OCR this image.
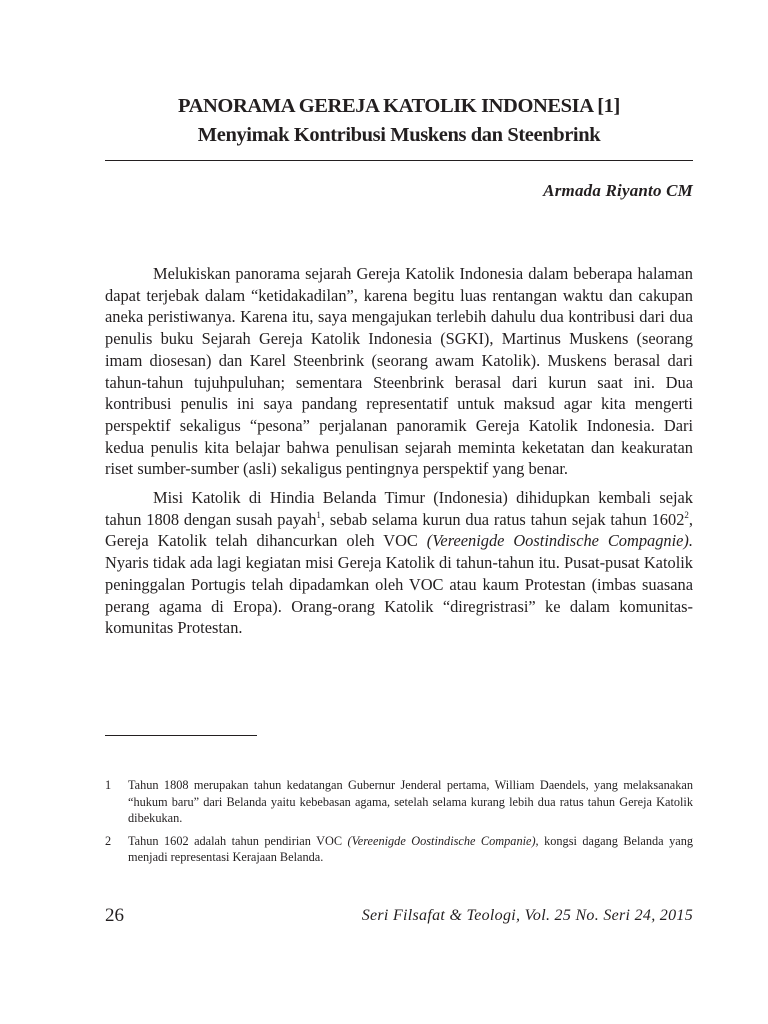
PANORAMA GEREJA KATOLIK INDONESIA [1]
Menyimak Kontribusi Muskens dan Steenbrink
Armada Riyanto CM

Melukiskan panorama sejarah Gereja Katolik Indonesia dalam beberapa halaman dapat terjebak dalam “ketidakadilan”, karena begitu luas rentangan waktu dan cakupan aneka peristiwanya. Karena itu, saya mengajukan terlebih dahulu dua kontribusi dari dua penulis buku Sejarah Gereja Katolik Indonesia (SGKI), Martinus Muskens (seorang imam diosesan) dan Karel Steenbrink (seorang awam Katolik). Muskens berasal dari tahun-tahun tujuhpuluhan; sementara Steenbrink berasal dari kurun saat ini. Dua kontribusi penulis ini saya pandang representatif untuk maksud agar kita mengerti perspektif sekaligus “pesona” perjalanan panoramik Gereja Katolik Indonesia. Dari kedua penulis kita belajar bahwa penulisan sejarah meminta keketatan dan keakuratan riset sumber-sumber (asli) sekaligus pentingnya perspektif yang benar.

Misi Katolik di Hindia Belanda Timur (Indonesia) dihidupkan kembali sejak tahun 1808 dengan susah payah$^1$, sebab selama kurun dua ratus tahun sejak tahun 1602$^2$, Gereja Katolik telah dihancurkan oleh VOC (Vereenigde Oostindische Compagnie). Nyaris tidak ada lagi kegiatan misi Gereja Katolik di tahun-tahun itu. Pusat-pusat Katolik peninggalan Portugis telah dipadamkan oleh VOC atau kaum Protestan (imbas suasana perang agama di Eropa). Orang-orang Katolik “diregristrasi” ke dalam komunitas-komunitas Protestan.

1 Tahun 1808 merupakan tahun kedatangan Gubernur Jenderal pertama, William Daendels, yang melaksanakan “hukum baru” dari Belanda yaitu kebebasan agama, setelah selama kurang lebih dua ratus tahun Gereja Katolik dibekukan.
2 Tahun 1602 adalah tahun pendirian VOC (Vereenigde Oostindische Companie), kongsi dagang Belanda yang menjadi representasi Kerajaan Belanda.
26	Seri Filsafat & Teologi, Vol. 25 No. Seri 24, 2015
